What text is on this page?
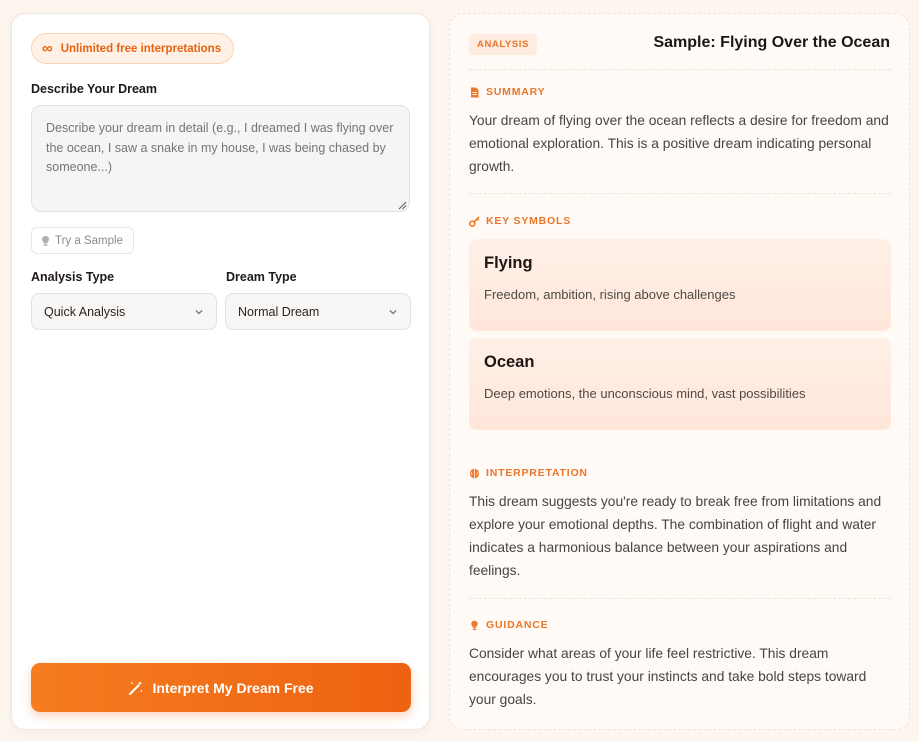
∞ Unlimited free interpretations
Describe Your Dream
Describe your dream in detail (e.g., I dreamed I was flying over the ocean, I saw a snake in my house, I was being chased by someone...)
Try a Sample
Analysis Type	Dream Type
Quick Analysis	Normal Dream
Interpret My Dream Free
ANALYSIS	Sample: Flying Over the Ocean
SUMMARY
Your dream of flying over the ocean reflects a desire for freedom and emotional exploration. This is a positive dream indicating personal growth.
KEY SYMBOLS
Flying
Freedom, ambition, rising above challenges
Ocean
Deep emotions, the unconscious mind, vast possibilities
INTERPRETATION
This dream suggests you're ready to break free from limitations and explore your emotional depths. The combination of flight and water indicates a harmonious balance between your aspirations and feelings.
GUIDANCE
Consider what areas of your life feel restrictive. This dream encourages you to trust your instincts and take bold steps toward your goals.
